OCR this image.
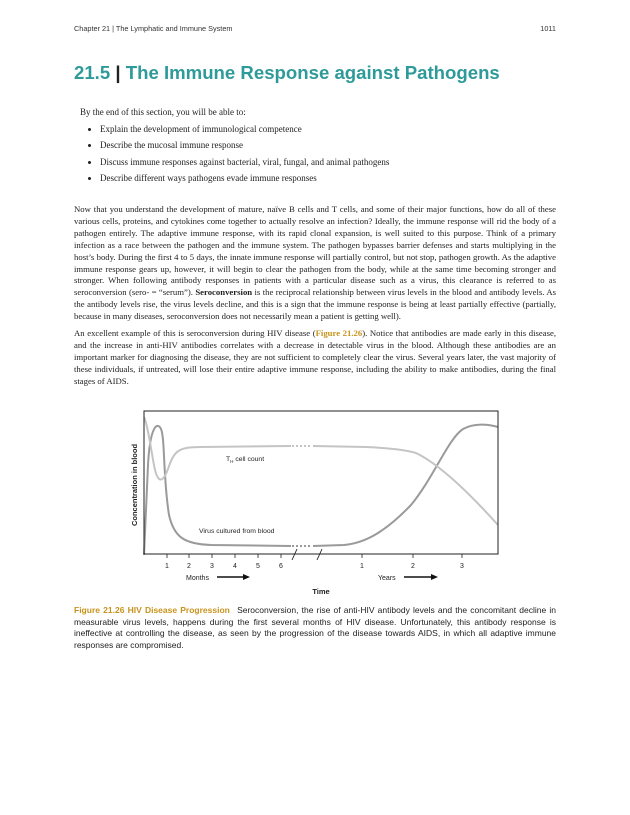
Chapter 21 | The Lymphatic and Immune System	1011
21.5 | The Immune Response against Pathogens
By the end of this section, you will be able to:
• Explain the development of immunological competence
• Describe the mucosal immune response
• Discuss immune responses against bacterial, viral, fungal, and animal pathogens
• Describe different ways pathogens evade immune responses

Now that you understand the development of mature, naïve B cells and T cells, and some of their major functions, how do all of these various cells, proteins, and cytokines come together to actually resolve an infection? Ideally, the immune response will rid the body of a pathogen entirely. The adaptive immune response, with its rapid clonal expansion, is well suited to this purpose. Think of a primary infection as a race between the pathogen and the immune system. The pathogen bypasses barrier defenses and starts multiplying in the host’s body. During the first 4 to 5 days, the innate immune response will partially control, but not stop, pathogen growth. As the adaptive immune response gears up, however, it will begin to clear the pathogen from the body, while at the same time becoming stronger and stronger. When following antibody responses in patients with a particular disease such as a virus, this clearance is referred to as seroconversion (sero- = “serum”). Seroconversion is the reciprocal relationship between virus levels in the blood and antibody levels. As the antibody levels rise, the virus levels decline, and this is a sign that the immune response is being at least partially effective (partially, because in many diseases, seroconversion does not necessarily mean a patient is getting well).

An excellent example of this is seroconversion during HIV disease (Figure 21.26). Notice that antibodies are made early in this disease, and the increase in anti-HIV antibodies correlates with a decrease in detectable virus in the blood. Although these antibodies are an important marker for diagnosing the disease, they are not sufficient to completely clear the virus. Several years later, the vast majority of these individuals, if untreated, will lose their entire adaptive immune response, including the ability to make antibodies, during the final stages of AIDS.

Concentration in blood	$T_H$ cell count
Virus cultured from blood
1	2	3	4	5	6	1	2	3
Months	Years
Time
Figure 21.26 HIV Disease Progression Seroconversion, the rise of anti-HIV antibody levels and the concomitant decline in measurable virus levels, happens during the first several months of HIV disease. Unfortunately, this antibody response is ineffective at controlling the disease, as seen by the progression of the disease towards AIDS, in which all adaptive immune responses are compromised.
